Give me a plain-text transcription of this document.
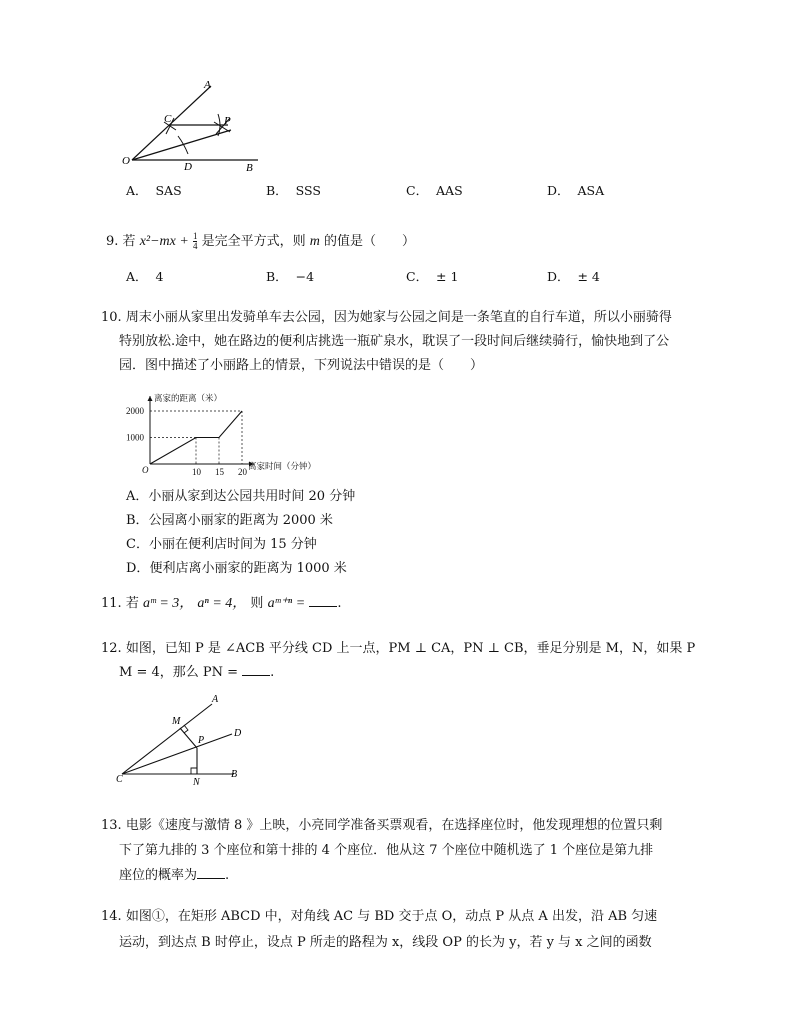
A
C	P
O	D	B
A． SAS	B． SSS	C． AAS	D． ASA
9. 若 $x^2-mx + \frac{1}{4}$ 是完全平方式，则 m 的值是（　　）
A． 4	B． −4	C． ± 1	D． ± 4
10. 周末小丽从家里出发骑单车去公园，因为她家与公园之间是一条笔直的自行车道，所以小丽骑得
特别放松.途中，她在路边的便利店挑选一瓶矿泉水，耽误了一段时间后继续骑行，愉快地到了公
园．图中描述了小丽路上的情景，下列说法中错误的是（　　）
离家的距离（米）
离家时间（分钟）
O
1000
2000
10 15 20
A．小丽从家到达公园共用时间 20 分钟
B．公园离小丽家的距离为 2000 米
C．小丽在便利店时间为 15 分钟
D．便利店离小丽家的距离为 1000 米
11. 若 aᵐ = 3， aⁿ = 4， 则 aᵐ⁺ⁿ = .
12. 如图，已知 P 是 ∠ACB 平分线 CD 上一点，PM ⊥ CA，PN ⊥ CB，垂足分别是 M，N，如果 P
M = 4，那么 PN = .
A
M
P
D
C	N
B
13. 电影《速度与激情 8 》上映，小亮同学准备买票观看，在选择座位时，他发现理想的位置只剩
下了第九排的 3 个座位和第十排的 4 个座位．他从这 7 个座位中随机选了 1 个座位是第九排
座位的概率为 .
14. 如图①，在矩形 ABCD 中，对角线 AC 与 BD 交于点 O，动点 P 从点 A 出发，沿 AB 匀速
运动，到达点 B 时停止，设点 P 所走的路程为 x，线段 OP 的长为 y，若 y 与 x 之间的函数
